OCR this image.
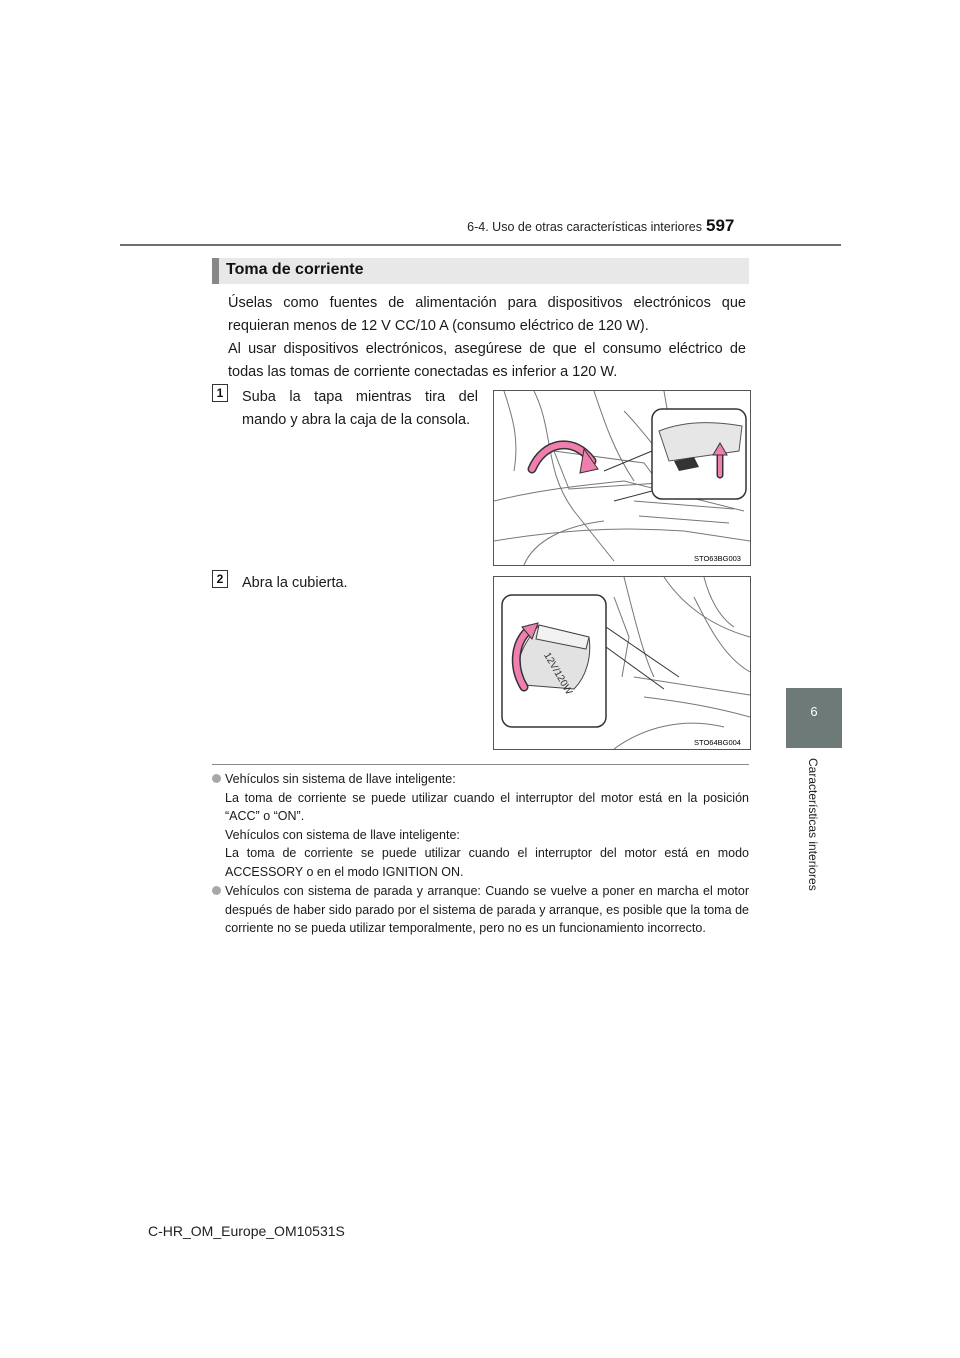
6-4. Uso de otras características interiores 597
6
Características interiores
Toma de corriente
Úselas como fuentes de alimentación para dispositivos electrónicos que requieran menos de 12 V CC/10 A (consumo eléctrico de 120 W).
Al usar dispositivos electrónicos, asegúrese de que el consumo eléctrico de todas las tomas de corriente conectadas es inferior a 120 W.
1	Suba la tapa mientras tira del mando y abra la caja de la consola.
STO63BG003
2	Abra la cubierta.
12V/120W
STO64BG004
Vehículos sin sistema de llave inteligente:
La toma de corriente se puede utilizar cuando el interruptor del motor está en la posición “ACC” o “ON”.
Vehículos con sistema de llave inteligente:
La toma de corriente se puede utilizar cuando el interruptor del motor está en modo ACCESSORY o en el modo IGNITION ON.
Vehículos con sistema de parada y arranque: Cuando se vuelve a poner en marcha el motor después de haber sido parado por el sistema de parada y arranque, es posible que la toma de corriente no se pueda utilizar temporalmente, pero no es un funcionamiento incorrecto.
C-HR_OM_Europe_OM10531S
